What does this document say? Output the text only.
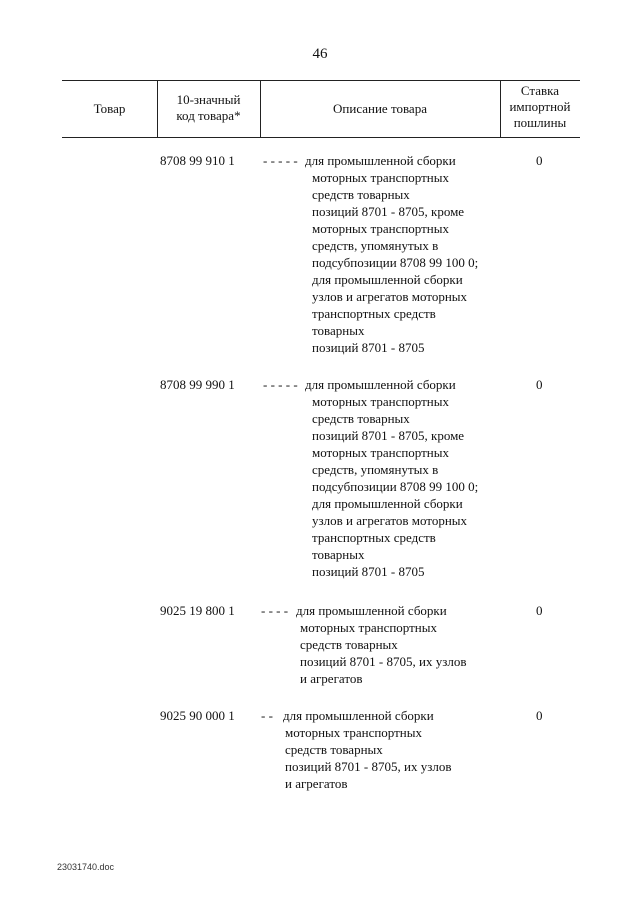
46
Товар
10-значный
код товара*	Описание товара
Ставка
импортной
пошлины
8708 99 910 1 - - - - - для промышленной сборки
моторных транспортных
средств товарных
позиций 8701 - 8705, кроме
моторных транспортных
средств, упомянутых в
подсубпозиции 8708 99 100 0;
для промышленной сборки
узлов и агрегатов моторных
транспортных средств
товарных
позиций 8701 - 8705
0
8708 99 990 1 - - - - - для промышленной сборки
моторных транспортных
средств товарных
позиций 8701 - 8705, кроме
моторных транспортных
средств, упомянутых в
подсубпозиции 8708 99 100 0;
для промышленной сборки
узлов и агрегатов моторных
транспортных средств
товарных
позиций 8701 - 8705
0
9025 19 800 1 - - - - для промышленной сборки
моторных транспортных
средств товарных
позиций 8701 - 8705, их узлов
и агрегатов
0
9025 90 000 1 - - для промышленной сборки
моторных транспортных
средств товарных
позиций 8701 - 8705, их узлов
и агрегатов
0
23031740.doc
